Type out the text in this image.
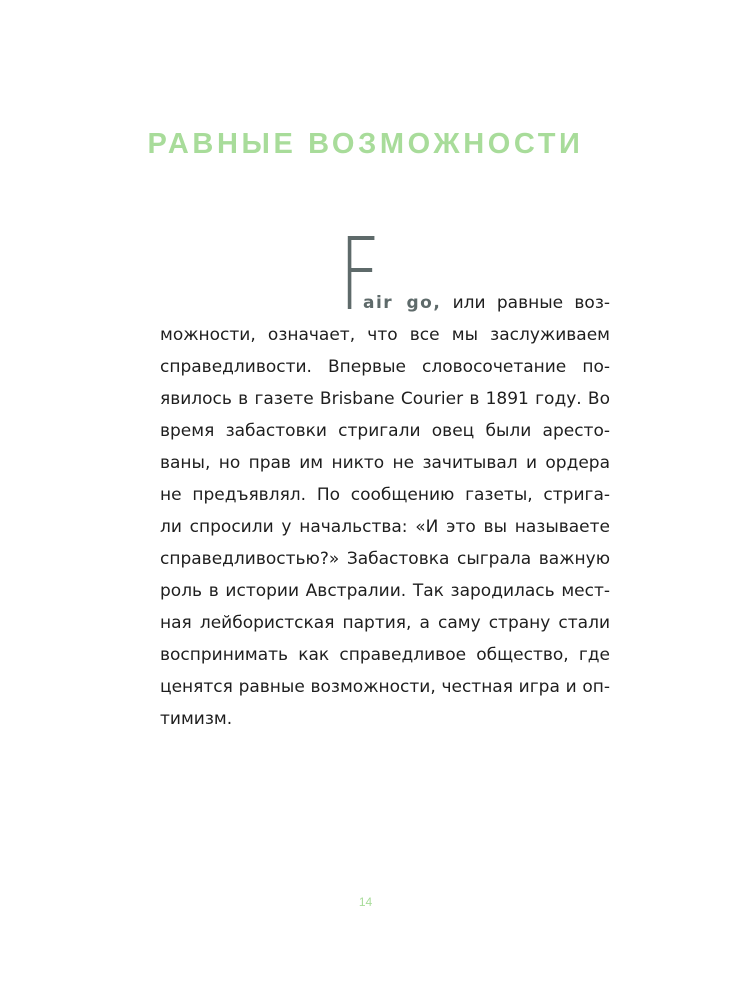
РАВНЫЕ ВОЗМОЖНОСТИ
F
air go, или равные воз-
можности, означает, что все мы заслуживаем
справедливости. Впервые словосочетание по-
явилось в газете Brisbane Courier в 1891 году. Во
время забастовки стригали овец были аресто-
ваны, но прав им никто не зачитывал и ордера
не предъявлял. По сообщению газеты, стрига-
ли спросили у начальства: «И это вы называете
справедливостью?» Забастовка сыграла важную
роль в истории Австралии. Так зародилась мест-
ная лейбористская партия, а саму страну стали
воспринимать как справедливое общество, где
ценятся равные возможности, честная игра и оп-
тимизм.
14
